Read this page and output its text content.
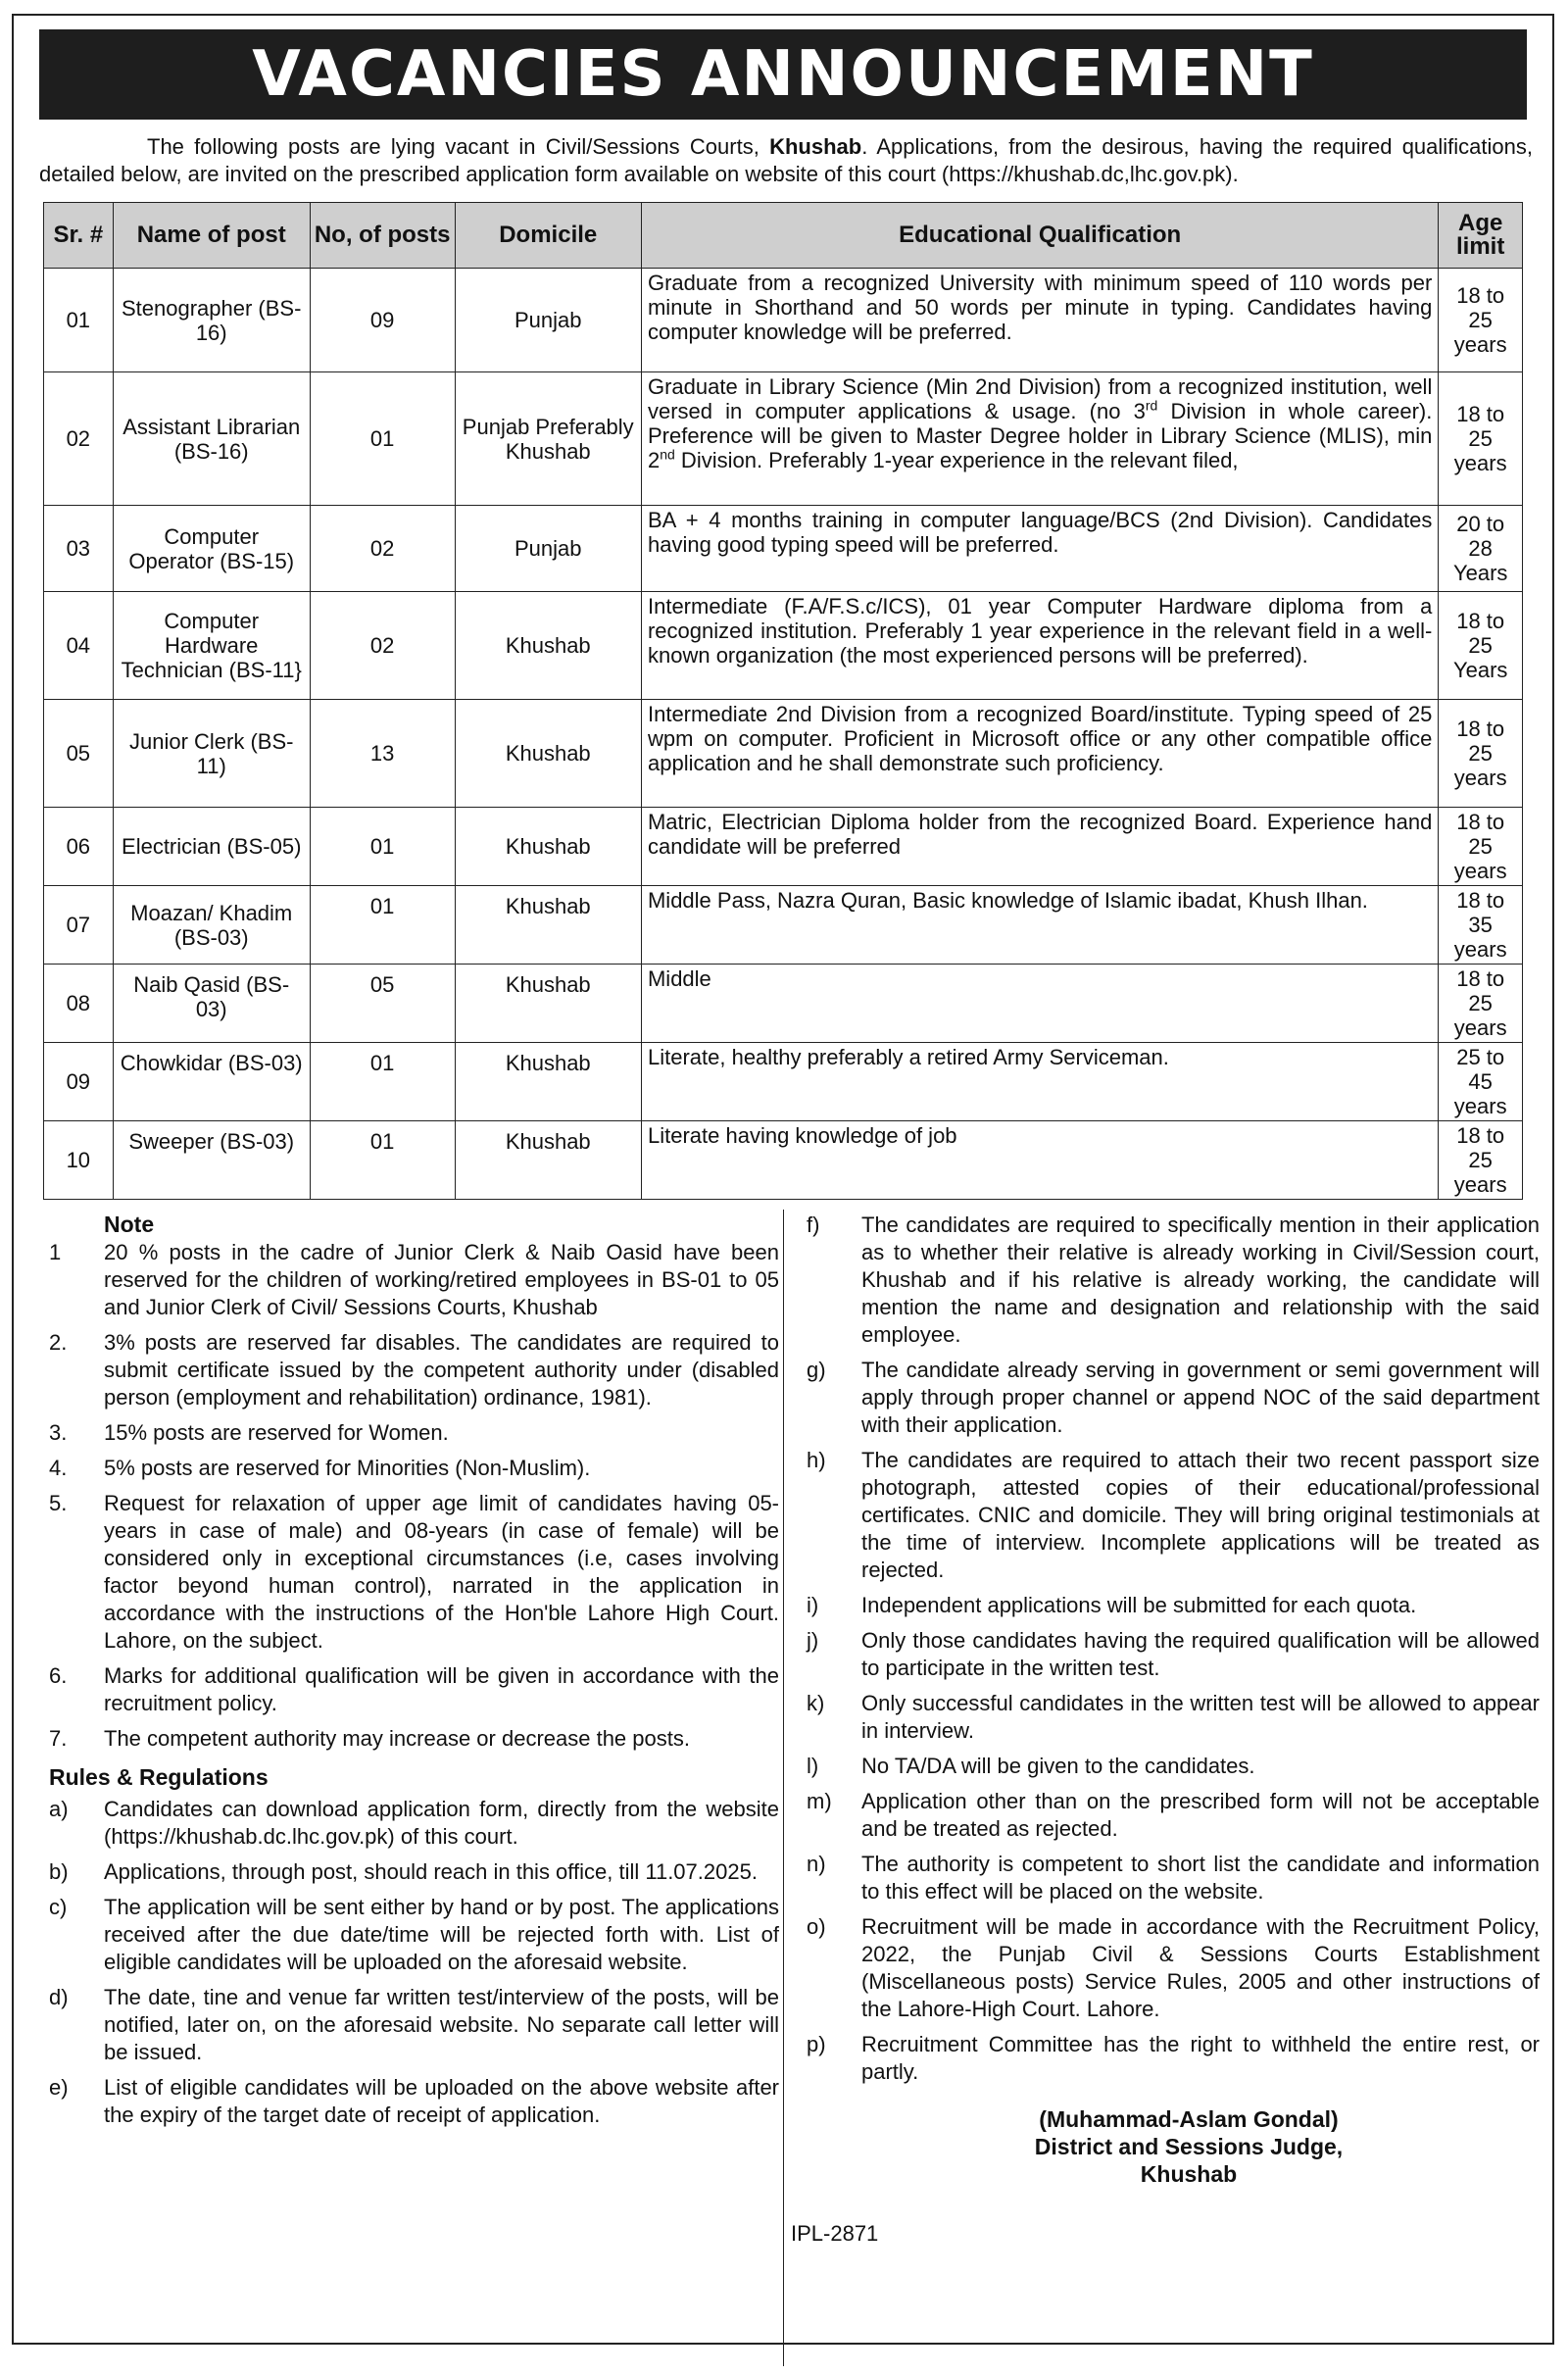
VACANCIES ANNOUNCEMENT
The following posts are lying vacant in Civil/Sessions Courts, Khushab. Applications, from the desirous, having the required qualifications, detailed below, are invited on the prescribed application form available on website of this court (https://khushab.dc,lhc.gov.pk).
Sr. #	Name of post	No, of posts	Domicile	Educational Qualification	Age limit
01	Stenographer (BS-16)	09	Punjab	Graduate from a recognized University with minimum speed of 110 words per minute in Shorthand and 50 words per minute in typing. Candidates having computer knowledge will be preferred.	18 to 25 years
02	Assistant Librarian (BS-16)	01	Punjab Preferably Khushab	Graduate in Library Science (Min 2nd Division) from a recognized institution, well versed in computer applications & usage. (no 3rd Division in whole career). Preference will be given to Master Degree holder in Library Science (MLIS), min 2nd Division. Preferably 1-year experience in the relevant filed,	18 to 25 years
03	Computer Operator (BS-15)	02	Punjab	BA + 4 months training in computer language/BCS (2nd Division). Candidates having good typing speed will be preferred.	20 to 28 Years
04	Computer Hardware Technician (BS-11}	02	Khushab	Intermediate (F.A/F.S.c/ICS), 01 year Computer Hardware diploma from a recognized institution. Preferably 1 year experience in the relevant field in a well-known organization (the most experienced persons will be preferred).	18 to 25 Years
05	Junior Clerk (BS-11)	13	Khushab	Intermediate 2nd Division from a recognized Board/institute. Typing speed of 25 wpm on computer. Proficient in Microsoft office or any other compatible office application and he shall demonstrate such proficiency.	18 to 25 years
06	Electrician (BS-05)	01	Khushab	Matric, Electrician Diploma holder from the recognized Board. Experience hand candidate will be preferred	18 to 25 years
07	Moazan/ Khadim (BS-03)	01	Khushab	Middle Pass, Nazra Quran, Basic knowledge of Islamic ibadat, Khush Ilhan.	18 to 35 years
08	Naib Qasid (BS-03)	05	Khushab	Middle	18 to 25 years
09	Chowkidar (BS-03)	01	Khushab	Literate, healthy preferably a retired Army Serviceman.	25 to 45 years
10	Sweeper (BS-03)	01	Khushab	Literate having knowledge of job	18 to 25 years
Note
1	20 % posts in the cadre of Junior Clerk & Naib Oasid have been reserved for the children of working/retired employees in BS-01 to 05 and Junior Clerk of Civil/ Sessions Courts, Khushab
2.	3% posts are reserved far disables. The candidates are required to submit certificate issued by the competent authority under (disabled person (employment and rehabilitation) ordinance, 1981).
3.	15% posts are reserved for Women.
4.	5% posts are reserved for Minorities (Non-Muslim).
5.	Request for relaxation of upper age limit of candidates having 05-years in case of male) and 08-years (in case of female) will be considered only in exceptional circumstances (i.e, cases involving factor beyond human control), narrated in the application in accordance with the instructions of the Hon'ble Lahore High Court. Lahore, on the subject.
6.	Marks for additional qualification will be given in accordance with the recruitment policy.
7.	The competent authority may increase or decrease the posts.
Rules & Regulations
a)	Candidates can download application form, directly from the website (https://khushab.dc.lhc.gov.pk) of this court.
b)	Applications, through post, should reach in this office, till 11.07.2025.
c)	The application will be sent either by hand or by post. The applications received after the due date/time will be rejected forth with. List of eligible candidates will be uploaded on the aforesaid website.
d)	The date, tine and venue far written test/interview of the posts, will be notified, later on, on the aforesaid website. No separate call letter will be issued.
e)	List of eligible candidates will be uploaded on the above website after the expiry of the target date of receipt of application.
f)	The candidates are required to specifically mention in their application as to whether their relative is already working in Civil/Session court, Khushab and if his relative is already working, the candidate will mention the name and designation and relationship with the said employee.
g)	The candidate already serving in government or semi government will apply through proper channel or append NOC of the said department with their application.
h)	The candidates are required to attach their two recent passport size photograph, attested copies of their educational/professional certificates. CNIC and domicile. They will bring original testimonials at the time of interview. Incomplete applications will be treated as rejected.
i)	Independent applications will be submitted for each quota.
j)	Only those candidates having the required qualification will be allowed to participate in the written test.
k)	Only successful candidates in the written test will be allowed to appear in interview.
l)	No TA/DA will be given to the candidates.
m)	Application other than on the prescribed form will not be acceptable and be treated as rejected.
n)	The authority is competent to short list the candidate and information to this effect will be placed on the website.
o)	Recruitment will be made in accordance with the Recruitment Policy, 2022, the Punjab Civil & Sessions Courts Establishment (Miscellaneous posts) Service Rules, 2005 and other instructions of the Lahore-High Court. Lahore.
p)	Recruitment Committee has the right to withheld the entire rest, or partly.
(Muhammad-Aslam Gondal)
District and Sessions Judge,
Khushab
IPL-2871
